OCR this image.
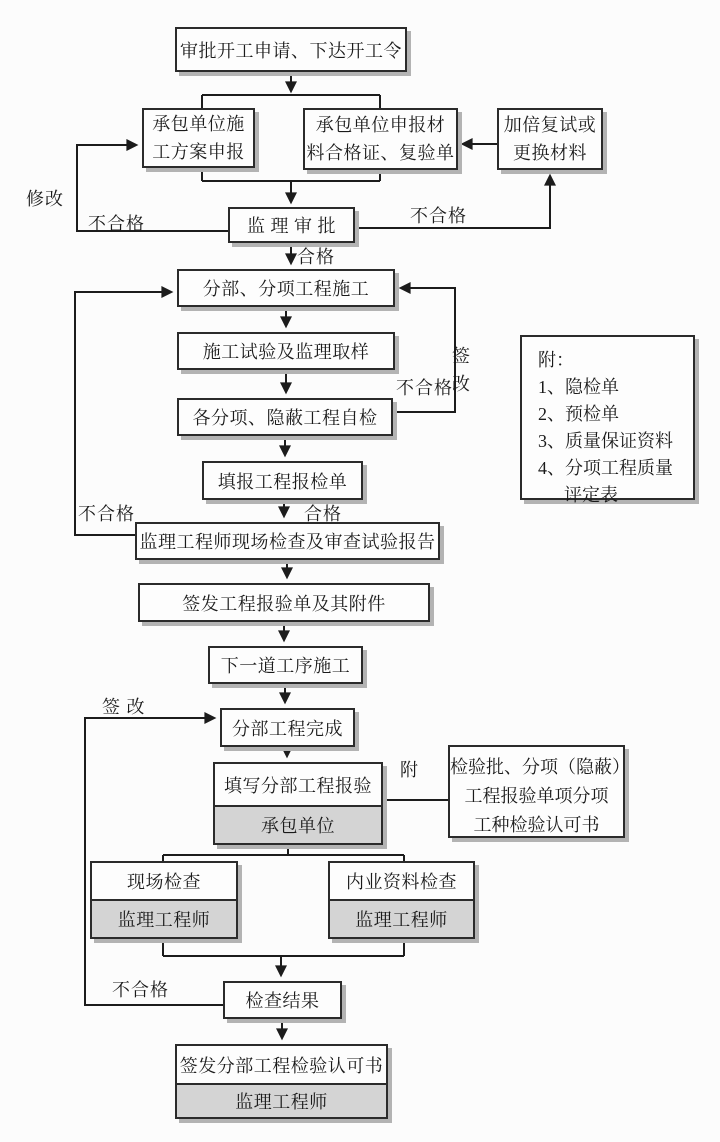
审批开工申请、下达开工令
承包单位施
工方案申报
承包单位申报材
料合格证、复验单
加倍复试或
更换材料
监 理 审 批
分部、分项工程施工
施工试验及监理取样
各分项、隐蔽工程自检
填报工程报检单
附：
1、隐检单
2、预检单
3、质量保证资料
4、分项工程质量
评定表
监理工程师现场检查及审查试验报告
签发工程报验单及其附件
下一道工序施工
分部工程完成
填写分部工程报验
承包单位
检验批、分项（隐蔽）
工程报验单项分项
工种检验认可书
现场检查
监理工程师
内业资料检查
监理工程师
检查结果
签发分部工程检验认可书
监理工程师
修改
不合格	不合格
合格
签
改
不合格
不合格	合格
签 改
附
不合格
